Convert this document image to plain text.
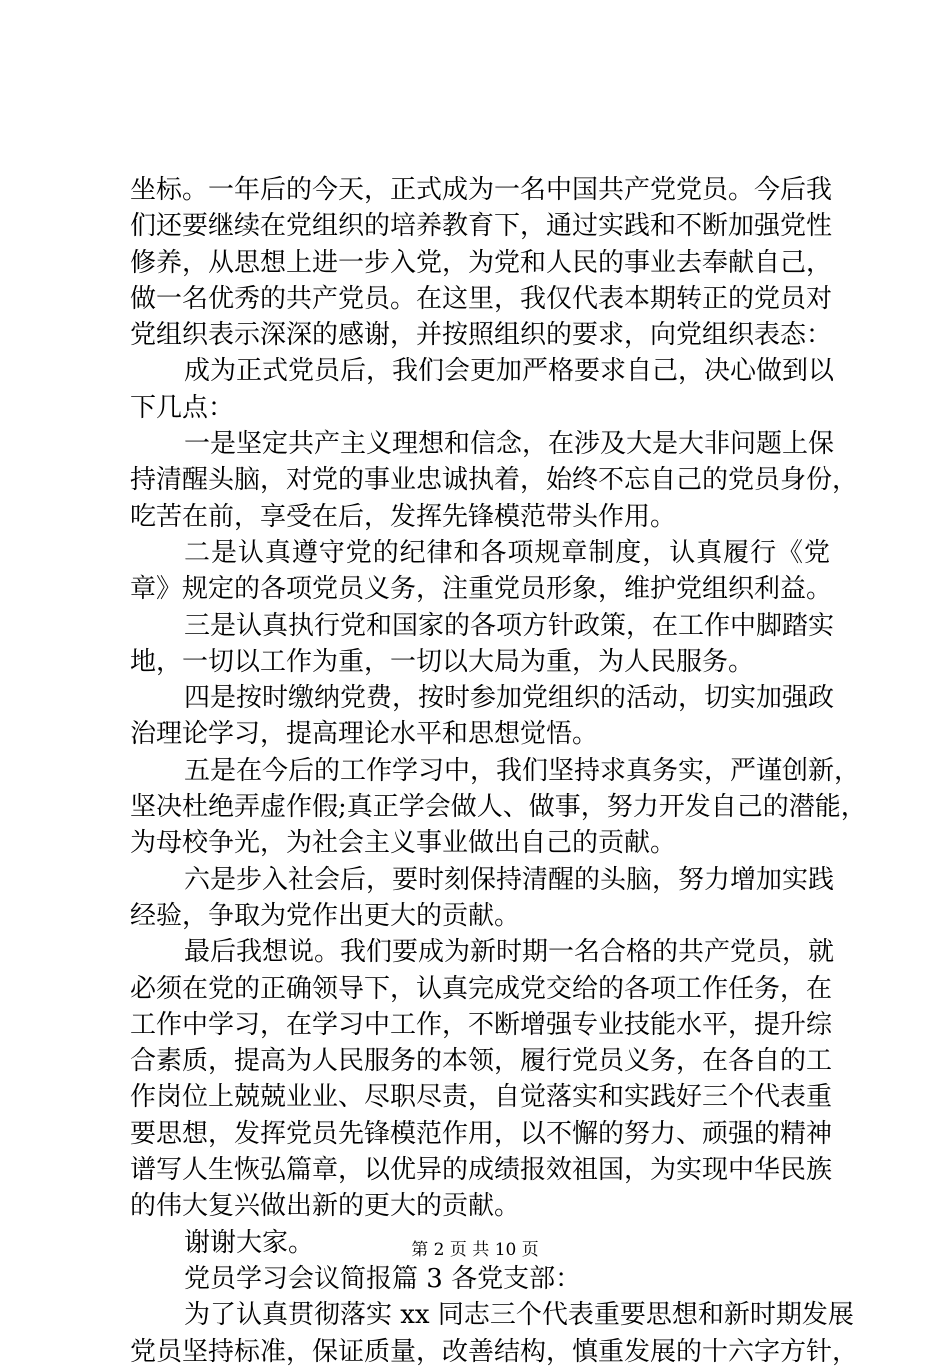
坐标。一年后的今天，正式成为一名中国共产党党员。今后我
们还要继续在党组织的培养教育下，通过实践和不断加强党性
修养，从思想上进一步入党，为党和人民的事业去奉献自己，
做一名优秀的共产党员。在这里，我仅代表本期转正的党员对
党组织表示深深的感谢，并按照组织的要求，向党组织表态：
成为正式党员后，我们会更加严格要求自己，决心做到以
下几点：
一是坚定共产主义理想和信念，在涉及大是大非问题上保
持清醒头脑，对党的事业忠诚执着，始终不忘自己的党员身份，
吃苦在前，享受在后，发挥先锋模范带头作用。
二是认真遵守党的纪律和各项规章制度，认真履行《党
章》规定的各项党员义务，注重党员形象，维护党组织利益。
三是认真执行党和国家的各项方针政策，在工作中脚踏实
地，一切以工作为重，一切以大局为重，为人民服务。
四是按时缴纳党费，按时参加党组织的活动，切实加强政
治理论学习，提高理论水平和思想觉悟。
五是在今后的工作学习中，我们坚持求真务实，严谨创新，
坚决杜绝弄虚作假;真正学会做人、做事，努力开发自己的潜能，
为母校争光，为社会主义事业做出自己的贡献。
六是步入社会后，要时刻保持清醒的头脑，努力增加实践
经验，争取为党作出更大的贡献。
最后我想说。我们要成为新时期一名合格的共产党员，就
必须在党的正确领导下，认真完成党交给的各项工作任务，在
工作中学习，在学习中工作，不断增强专业技能水平，提升综
合素质，提高为人民服务的本领，履行党员义务，在各自的工
作岗位上兢兢业业、尽职尽责，自觉落实和实践好三个代表重
要思想，发挥党员先锋模范作用，以不懈的努力、顽强的精神
谱写人生恢弘篇章，以优异的成绩报效祖国，为实现中华民族
的伟大复兴做出新的更大的贡献。
谢谢大家。
党员学习会议简报篇 3 各党支部：
为了认真贯彻落实 xx 同志三个代表重要思想和新时期发展
党员坚持标准，保证质量，改善结构，慎重发展的十六字方针，
第 2 页 共 10 页
